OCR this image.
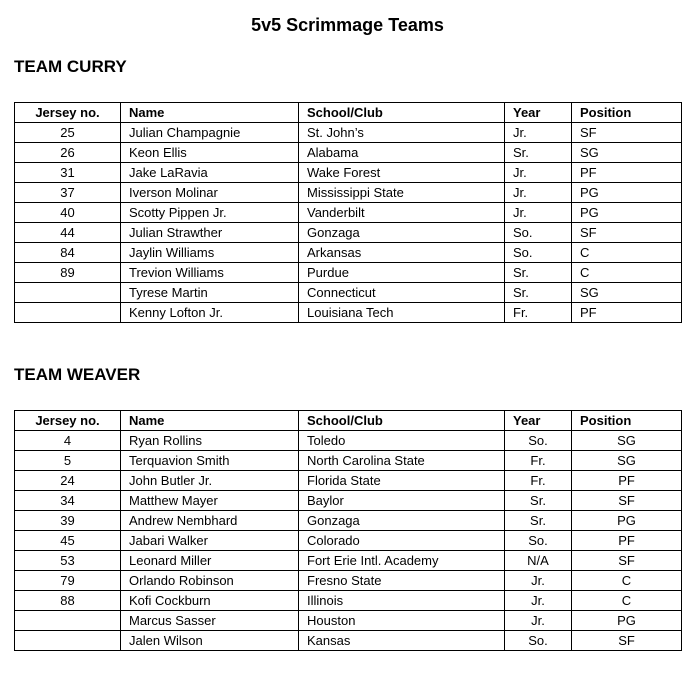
5v5 Scrimmage Teams
TEAM CURRY
Jersey no.	Name	School/Club	Year	Position
25	Julian Champagnie	St. John’s	Jr.	SF
26	Keon Ellis	Alabama	Sr.	SG
31	Jake LaRavia	Wake Forest	Jr.	PF
37	Iverson Molinar	Mississippi State	Jr.	PG
40	Scotty Pippen Jr.	Vanderbilt	Jr.	PG
44	Julian Strawther	Gonzaga	So.	SF
84	Jaylin Williams	Arkansas	So.	C
89	Trevion Williams	Purdue	Sr.	C
	Tyrese Martin	Connecticut	Sr.	SG
	Kenny Lofton Jr.	Louisiana Tech	Fr.	PF
TEAM WEAVER
Jersey no.	Name	School/Club	Year	Position
4	Ryan Rollins	Toledo	So.	SG
5	Terquavion Smith	North Carolina State	Fr.	SG
24	John Butler Jr.	Florida State	Fr.	PF
34	Matthew Mayer	Baylor	Sr.	SF
39	Andrew Nembhard	Gonzaga	Sr.	PG
45	Jabari Walker	Colorado	So.	PF
53	Leonard Miller	Fort Erie Intl. Academy	N/A	SF
79	Orlando Robinson	Fresno State	Jr.	C
88	Kofi Cockburn	Illinois	Jr.	C
	Marcus Sasser	Houston	Jr.	PG
	Jalen Wilson	Kansas	So.	SF
